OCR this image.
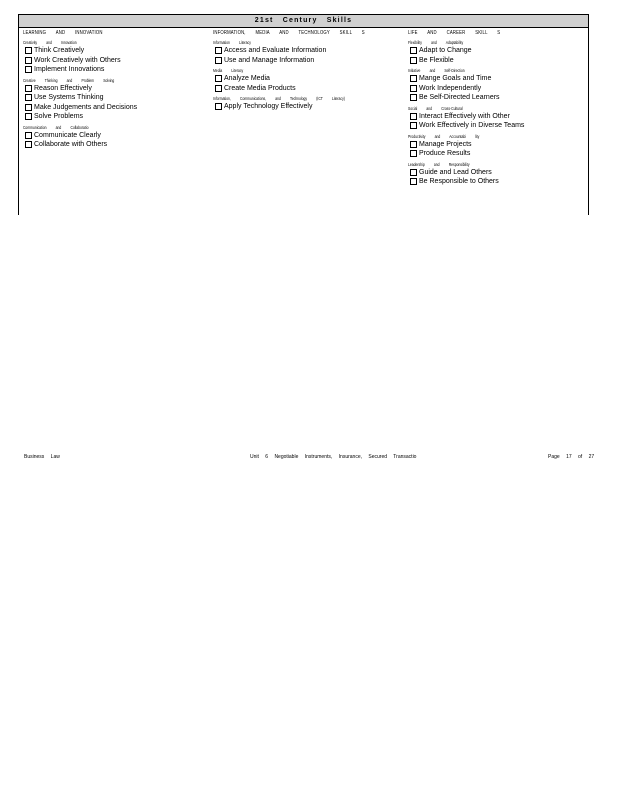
21st Century Skills
LEARNING AND INNOVATION
Creativity and Innovation
Think Creatively
Work Creatively with Others
Implement Innovations
Creative Thinking and Problem Solving
Reason Effectively
Use Systems Thinking
Make Judgements and Decisions
Solve Problems
Communication and Collaboratio
Communicate Clearly
Collaborate with Others
INFORMATION, MEDIA AND TECHNOLOGY SKILL S
Information Literacy
Access and Evaluate Information
Use and Manage Information
Media Literacy
Analyze Media
Create Media Products
Information, Communications, and Technology (ICT Literacy)
Apply Technology Effectively
LIFE AND CAREER SKILL S
Flexibility and Adaptability
Adapt to Change
Be Flexible
Initiative and Self-Direction
Mange Goals and Time
Work Independently
Be Self-Directed Learners
Social and Cross-Cultural
Interact Effectively with Other
Work Effectively in Diverse Teams
Productivity and Accountabi lity
Manage Projects
Produce Results
Leadership and Responsibility
Guide and Lead Others
Be Responsible to Others
Business Law	Unit 6 Negotiable Instruments, Insurance, Secured Transactio	Page 17 of 27
